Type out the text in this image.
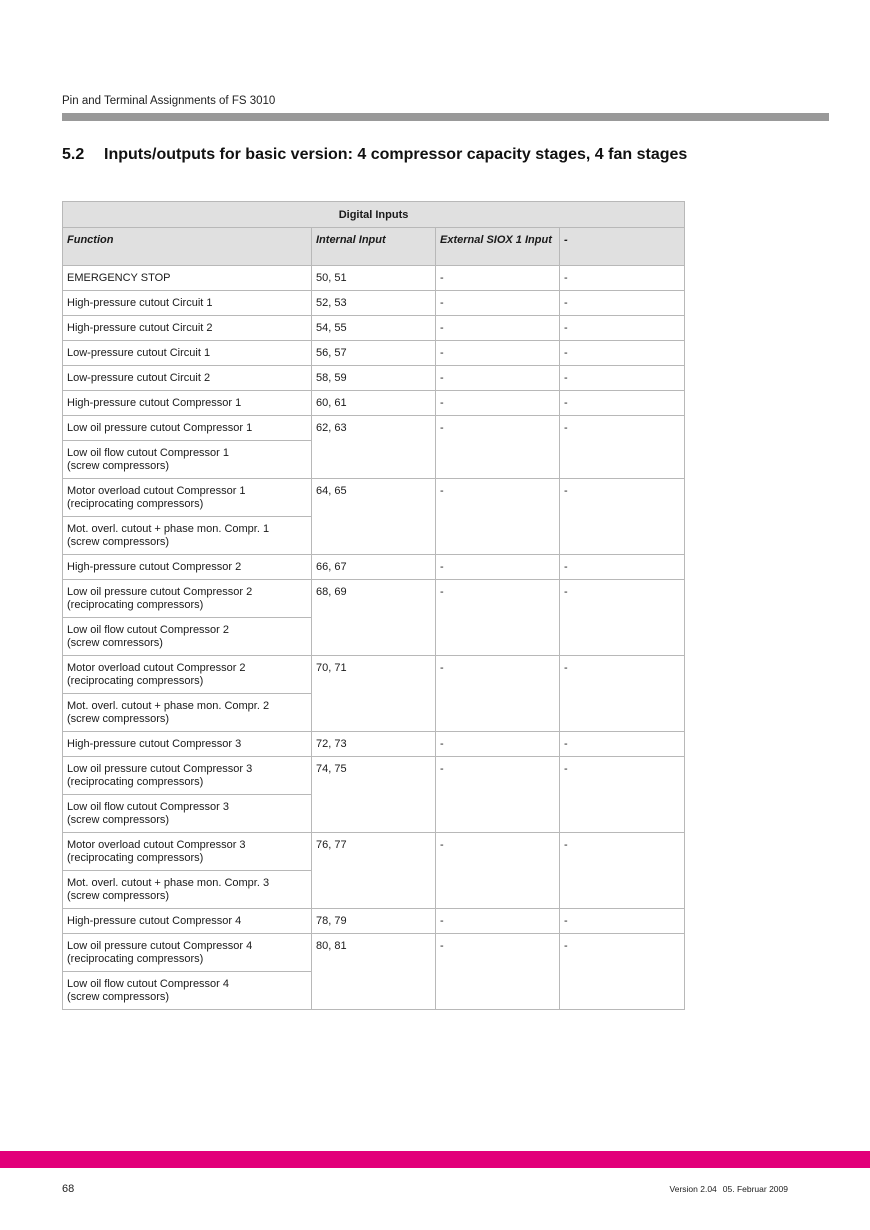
Pin and Terminal Assignments of FS 3010
5.2 Inputs/outputs for basic version: 4 compressor capacity stages, 4 fan stages
Digital Inputs			
Function	Internal Input	External SIOX 1 Input	-
EMERGENCY STOP	50, 51	-	-
High-pressure cutout Circuit 1	52, 53	-	-
High-pressure cutout Circuit 2	54, 55	-	-
Low-pressure cutout Circuit 1	56, 57	-	-
Low-pressure cutout Circuit 2	58, 59	-	-
High-pressure cutout Compressor 1	60, 61	-	-
Low oil pressure cutout Compressor 1	62, 63	-	-
Low oil flow cutout Compressor 1
(screw compressors)			
Motor overload cutout Compressor 1
(reciprocating compressors)	64, 65	-	-
Mot. overl. cutout + phase mon. Compr. 1
(screw compressors)			
High-pressure cutout Compressor 2	66, 67	-	-
Low oil pressure cutout Compressor 2
(reciprocating compressors)	68, 69	-	-
Low oil flow cutout Compressor 2
(screw comressors)			
Motor overload cutout Compressor 2
(reciprocating compressors)	70, 71	-	-
Mot. overl. cutout + phase mon. Compr. 2
(screw compressors)			
High-pressure cutout Compressor 3	72, 73	-	-
Low oil pressure cutout Compressor 3
(reciprocating compressors)	74, 75	-	-
Low oil flow cutout Compressor 3
(screw compressors)			
Motor overload cutout Compressor 3
(reciprocating compressors)	76, 77	-	-
Mot. overl. cutout + phase mon. Compr. 3
(screw compressors)			
High-pressure cutout Compressor 4	78, 79	-	-
Low oil pressure cutout Compressor 4
(reciprocating compressors)	80, 81	-	-
Low oil flow cutout Compressor 4
(screw compressors)			
68	Version 2.04 05. Februar 2009
